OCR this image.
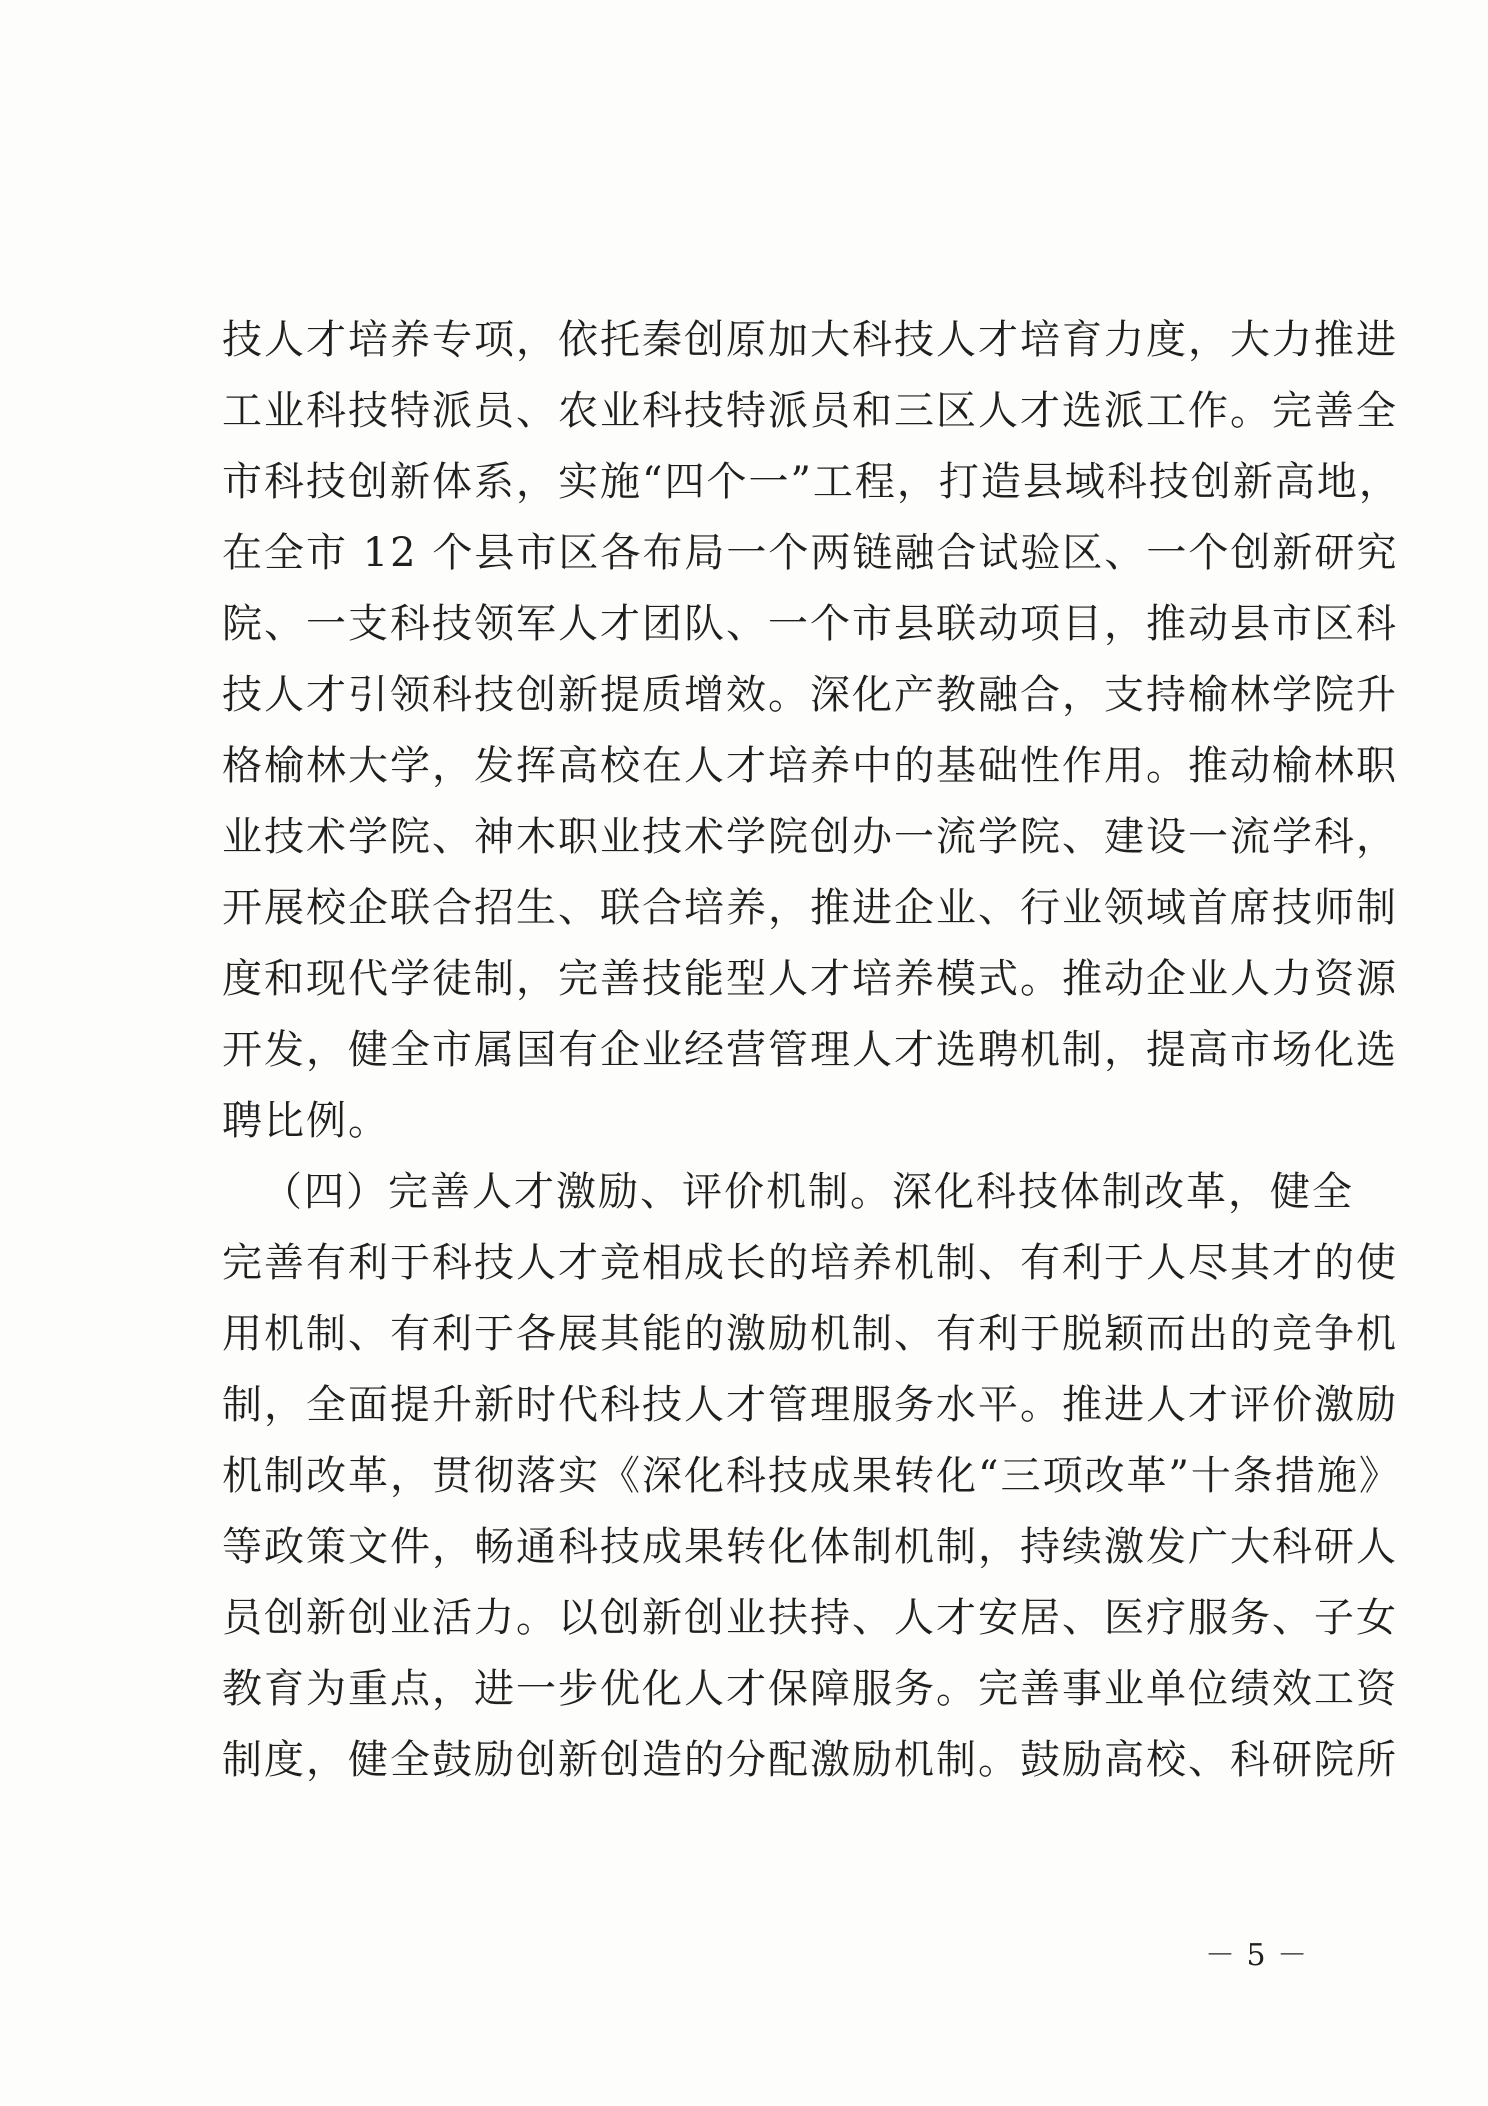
技人才培养专项，依托秦创原加大科技人才培育力度，大力推进
工业科技特派员、农业科技特派员和三区人才选派工作。完善全
市科技创新体系，实施“四个一”工程，打造县域科技创新高地，
在全市 12 个县市区各布局一个两链融合试验区、一个创新研究
院、一支科技领军人才团队、一个市县联动项目，推动县市区科
技人才引领科技创新提质增效。深化产教融合，支持榆林学院升
格榆林大学，发挥高校在人才培养中的基础性作用。推动榆林职
业技术学院、神木职业技术学院创办一流学院、建设一流学科，
开展校企联合招生、联合培养，推进企业、行业领域首席技师制
度和现代学徒制，完善技能型人才培养模式。推动企业人力资源
开发，健全市属国有企业经营管理人才选聘机制，提高市场化选
聘比例。
（四）完善人才激励、评价机制。深化科技体制改革，健全
完善有利于科技人才竞相成长的培养机制、有利于人尽其才的使
用机制、有利于各展其能的激励机制、有利于脱颖而出的竞争机
制，全面提升新时代科技人才管理服务水平。推进人才评价激励
机制改革，贯彻落实《深化科技成果转化“三项改革”十条措施》
等政策文件，畅通科技成果转化体制机制，持续激发广大科研人
员创新创业活力。以创新创业扶持、人才安居、医疗服务、子女
教育为重点，进一步优化人才保障服务。完善事业单位绩效工资
制度，健全鼓励创新创造的分配激励机制。鼓励高校、科研院所
－ 5 －
